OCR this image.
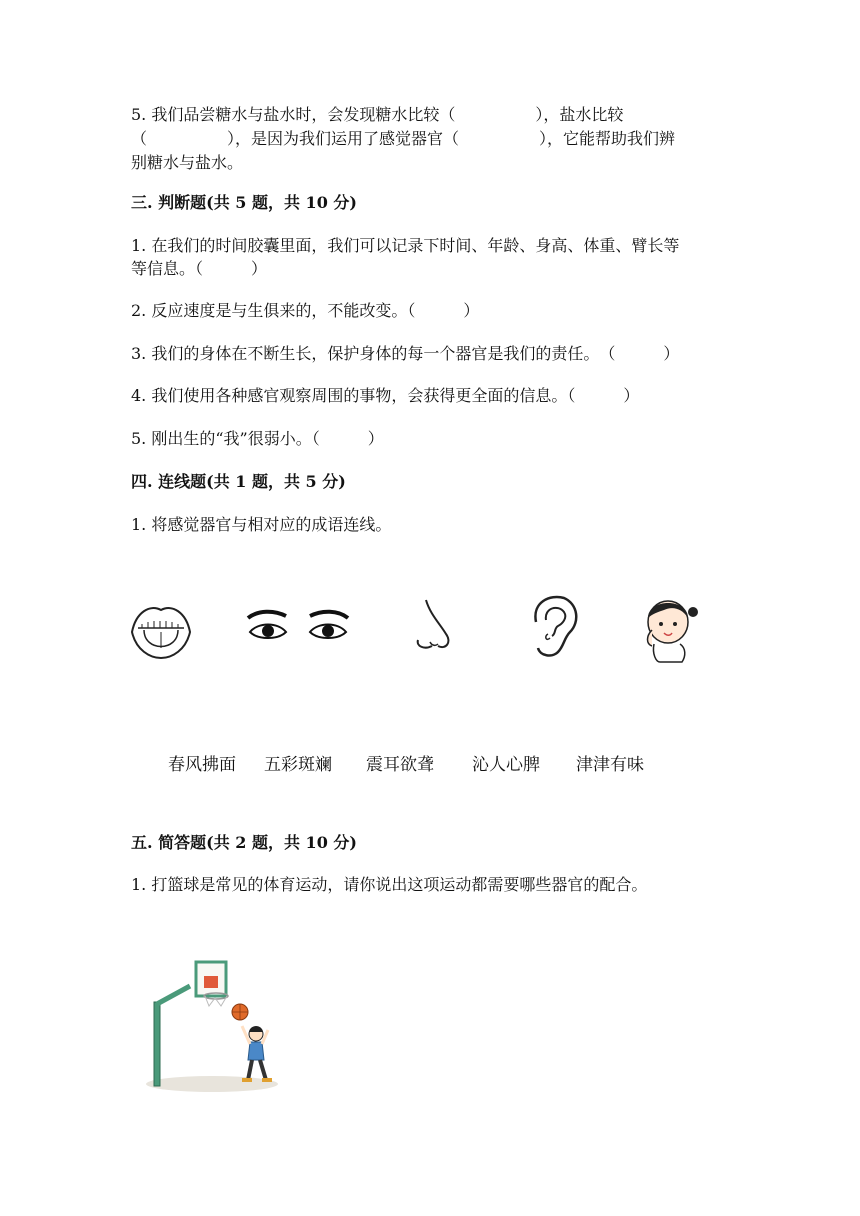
5. 我们品尝糖水与盐水时，会发现糖水比较（　　　　　），盐水比较
（　　　　　），是因为我们运用了感觉器官（　　　　　），它能帮助我们辨
别糖水与盐水。
三. 判断题(共 5 题，共 10 分)
1. 在我们的时间胶囊里面，我们可以记录下时间、年龄、身高、体重、臂长等
等信息。（　　　）
2. 反应速度是与生俱来的，不能改变。（　　　）
3. 我们的身体在不断生长，保护身体的每一个器官是我们的责任。　（　　　）
4. 我们使用各种感官观察周围的事物，会获得更全面的信息。（　　　）
5. 刚出生的“我”很弱小。（　　　）
四. 连线题(共 1 题，共 5 分)
1. 将感觉器官与相对应的成语连线。
春风拂面 五彩斑斓 震耳欲聋 沁人心脾 津津有味
五. 简答题(共 2 题，共 10 分)
1. 打篮球是常见的体育运动，请你说出这项运动都需要哪些器官的配合。
